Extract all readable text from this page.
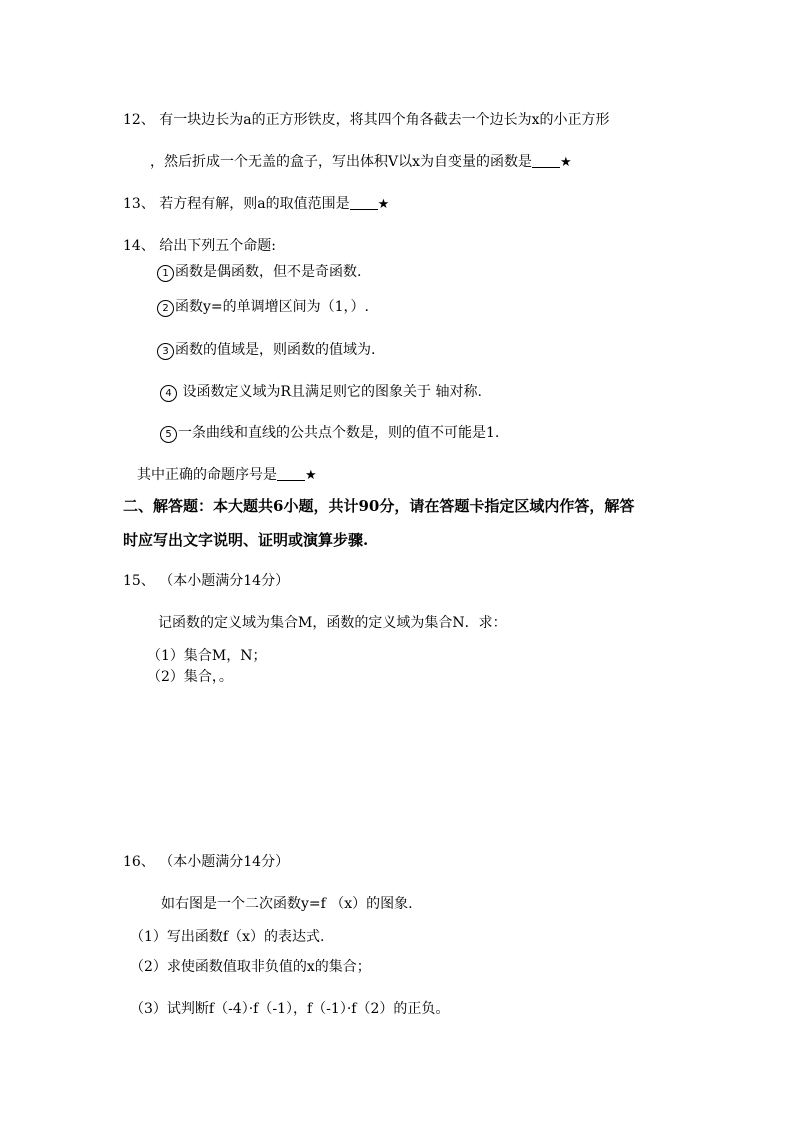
12、 有一块边长为a的正方形铁皮，将其四个角各截去一个边长为x的小正方形
，然后折成一个无盖的盒子，写出体积V以x为自变量的函数是 ★
13、 若方程有解，则a的取值范围是 ★
14、 给出下列五个命题:
1 函数是偶函数，但不是奇函数.
2 函数y=的单调增区间为（1，）.
3 函数的值域是，则函数的值域为.
4 设函数定义域为R且满足则它的图象关于 轴对称.
5 一条曲线和直线的公共点个数是，则的值不可能是1.
其中正确的命题序号是 ★
二、解答题：本大题共6小题，共计90分，请在答题卡指定区域内作答，解答
时应写出文字说明、证明或演算步骤.
15、 （本小题满分14分）
记函数的定义域为集合M，函数的定义域为集合N．求：
（1）集合M，N；
（2）集合，。
16、 （本小题满分14分）
如右图是一个二次函数y=f （x）的图象.
（1）写出函数f（x）的表达式.
（2）求使函数值取非负值的x的集合；
（3）试判断f（-4）·f（-1），f（-1）·f（2）的正负。
